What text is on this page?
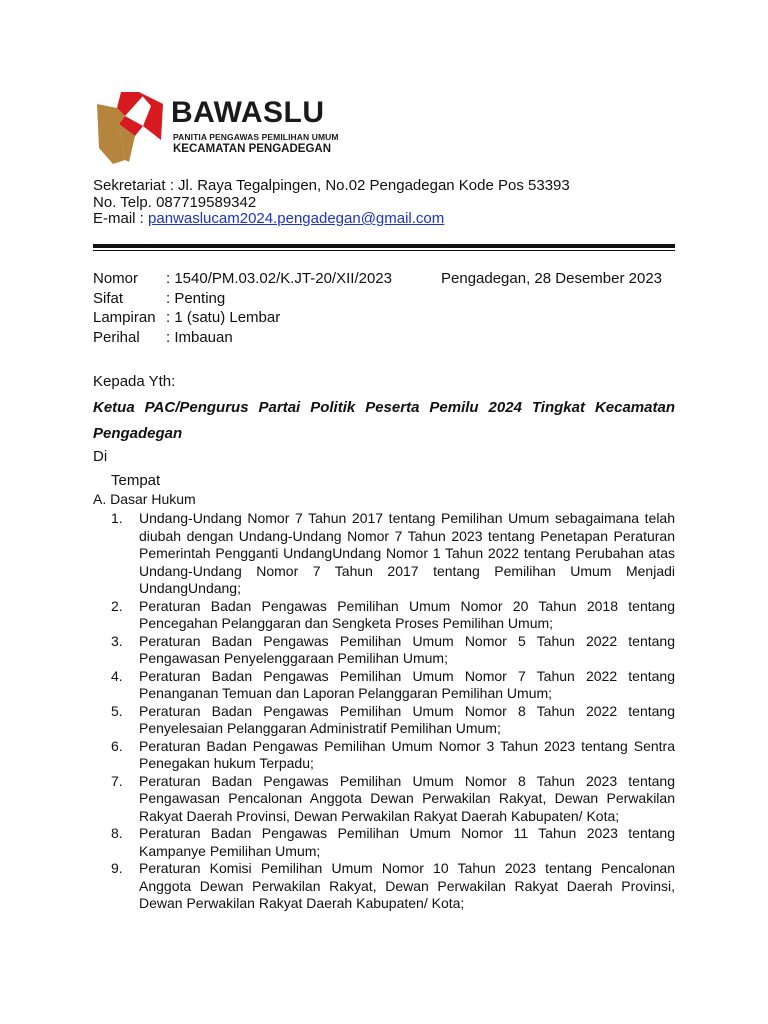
BAWASLU
PANITIA PENGAWAS PEMILIHAN UMUM
KECAMATAN PENGADEGAN
Sekretariat : Jl. Raya Tegalpingen, No.02 Pengadegan Kode Pos 53393
No. Telp. 087719589342
E-mail : panwaslucam2024.pengadegan@gmail.com
Nomor	: 1540/PM.03.02/K.JT-20/XII/2023
Sifat	: Penting
Lampiran : 1 (satu) Lembar
Perihal	: Imbauan
Pengadegan, 28 Desember 2023
Kepada Yth:
Ketua PAC/Pengurus Partai Politik Peserta Pemilu 2024 Tingkat Kecamatan Pengadegan
Di
Tempat
A. Dasar Hukum
1.	Undang-Undang Nomor 7 Tahun 2017 tentang Pemilihan Umum sebagaimana telah diubah dengan Undang-Undang Nomor 7 Tahun 2023 tentang Penetapan Peraturan Pemerintah Pengganti UndangUndang Nomor 1 Tahun 2022 tentang Perubahan atas Undang-Undang Nomor 7 Tahun 2017 tentang Pemilihan Umum Menjadi UndangUndang;
2.	Peraturan Badan Pengawas Pemilihan Umum Nomor 20 Tahun 2018 tentang Pencegahan Pelanggaran dan Sengketa Proses Pemilihan Umum;
3.	Peraturan Badan Pengawas Pemilihan Umum Nomor 5 Tahun 2022 tentang Pengawasan Penyelenggaraan Pemilihan Umum;
4.	Peraturan Badan Pengawas Pemilihan Umum Nomor 7 Tahun 2022 tentang Penanganan Temuan dan Laporan Pelanggaran Pemilihan Umum;
5.	Peraturan Badan Pengawas Pemilihan Umum Nomor 8 Tahun 2022 tentang Penyelesaian Pelanggaran Administratif Pemilihan Umum;
6.	Peraturan Badan Pengawas Pemilihan Umum Nomor 3 Tahun 2023 tentang Sentra Penegakan hukum Terpadu;
7.	Peraturan Badan Pengawas Pemilihan Umum Nomor 8 Tahun 2023 tentang Pengawasan Pencalonan Anggota Dewan Perwakilan Rakyat, Dewan Perwakilan Rakyat Daerah Provinsi, Dewan Perwakilan Rakyat Daerah Kabupaten/ Kota;
8.	Peraturan Badan Pengawas Pemilihan Umum Nomor 11 Tahun 2023 tentang Kampanye Pemilihan Umum;
9.	Peraturan Komisi Pemilihan Umum Nomor 10 Tahun 2023 tentang Pencalonan Anggota Dewan Perwakilan Rakyat, Dewan Perwakilan Rakyat Daerah Provinsi, Dewan Perwakilan Rakyat Daerah Kabupaten/ Kota;
